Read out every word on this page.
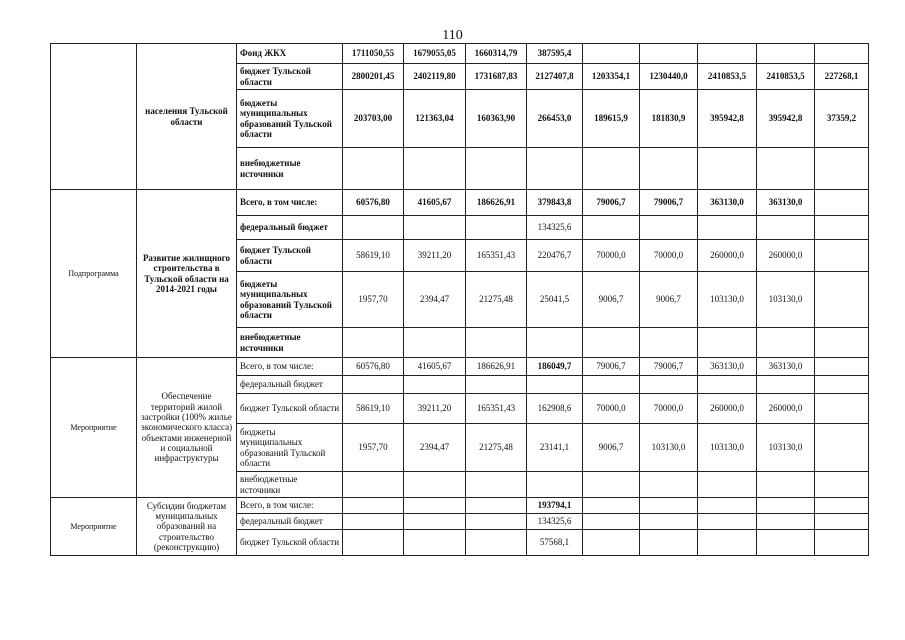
110
	населения Тульской области	Фонд ЖКХ	1711050,55	1679055,05	1660314,79	387595,4					
		бюджет Тульской области	2800201,45	2402119,80	1731687,83	2127407,8	1203354,1	1230440,0	2410853,5	2410853,5	227268,1
		бюджеты муниципальных образований Тульской области	203703,00	121363,04	160363,90	266453,0	189615,9	181830,9	395942,8	395942,8	37359,2
		внебюджетные источники									
Подпрограмма	Развитие жилищного строительства в Тульской области на 2014-2021 годы	Всего, в том числе:	60576,80	41605,67	186626,91	379843,8	79006,7	79006,7	363130,0	363130,0	
		федеральный бюджет				134325,6					
		бюджет Тульской области	58619,10	39211,20	165351,43	220476,7	70000,0	70000,0	260000,0	260000,0	
		бюджеты муниципальных образований Тульской области	1957,70	2394,47	21275,48	25041,5	9006,7	9006,7	103130,0	103130,0	
		внебюджетные источники									
Мероприятие	Обеспечение территорий жилой застройки (100% жилье экономического класса) объектами инженерной и социальной инфраструктуры	Всего, в том числе:	60576,80	41605,67	186626,91	186049,7	79006,7	79006,7	363130,0	363130,0	
		федеральный бюджет									
		бюджет Тульской области	58619,10	39211,20	165351,43	162908,6	70000,0	70000,0	260000,0	260000,0	
		бюджеты муниципальных образований Тульской области	1957,70	2394,47	21275,48	23141,1	9006,7	103130,0	103130,0	103130,0	
		внебюджетные источники									
Мероприятие	Субсидии бюджетам муниципальных образований на строительство (реконструкцию)	Всего, в том числе:				193794,1					
		федеральный бюджет				134325,6					
		бюджет Тульской области				57568,1					
